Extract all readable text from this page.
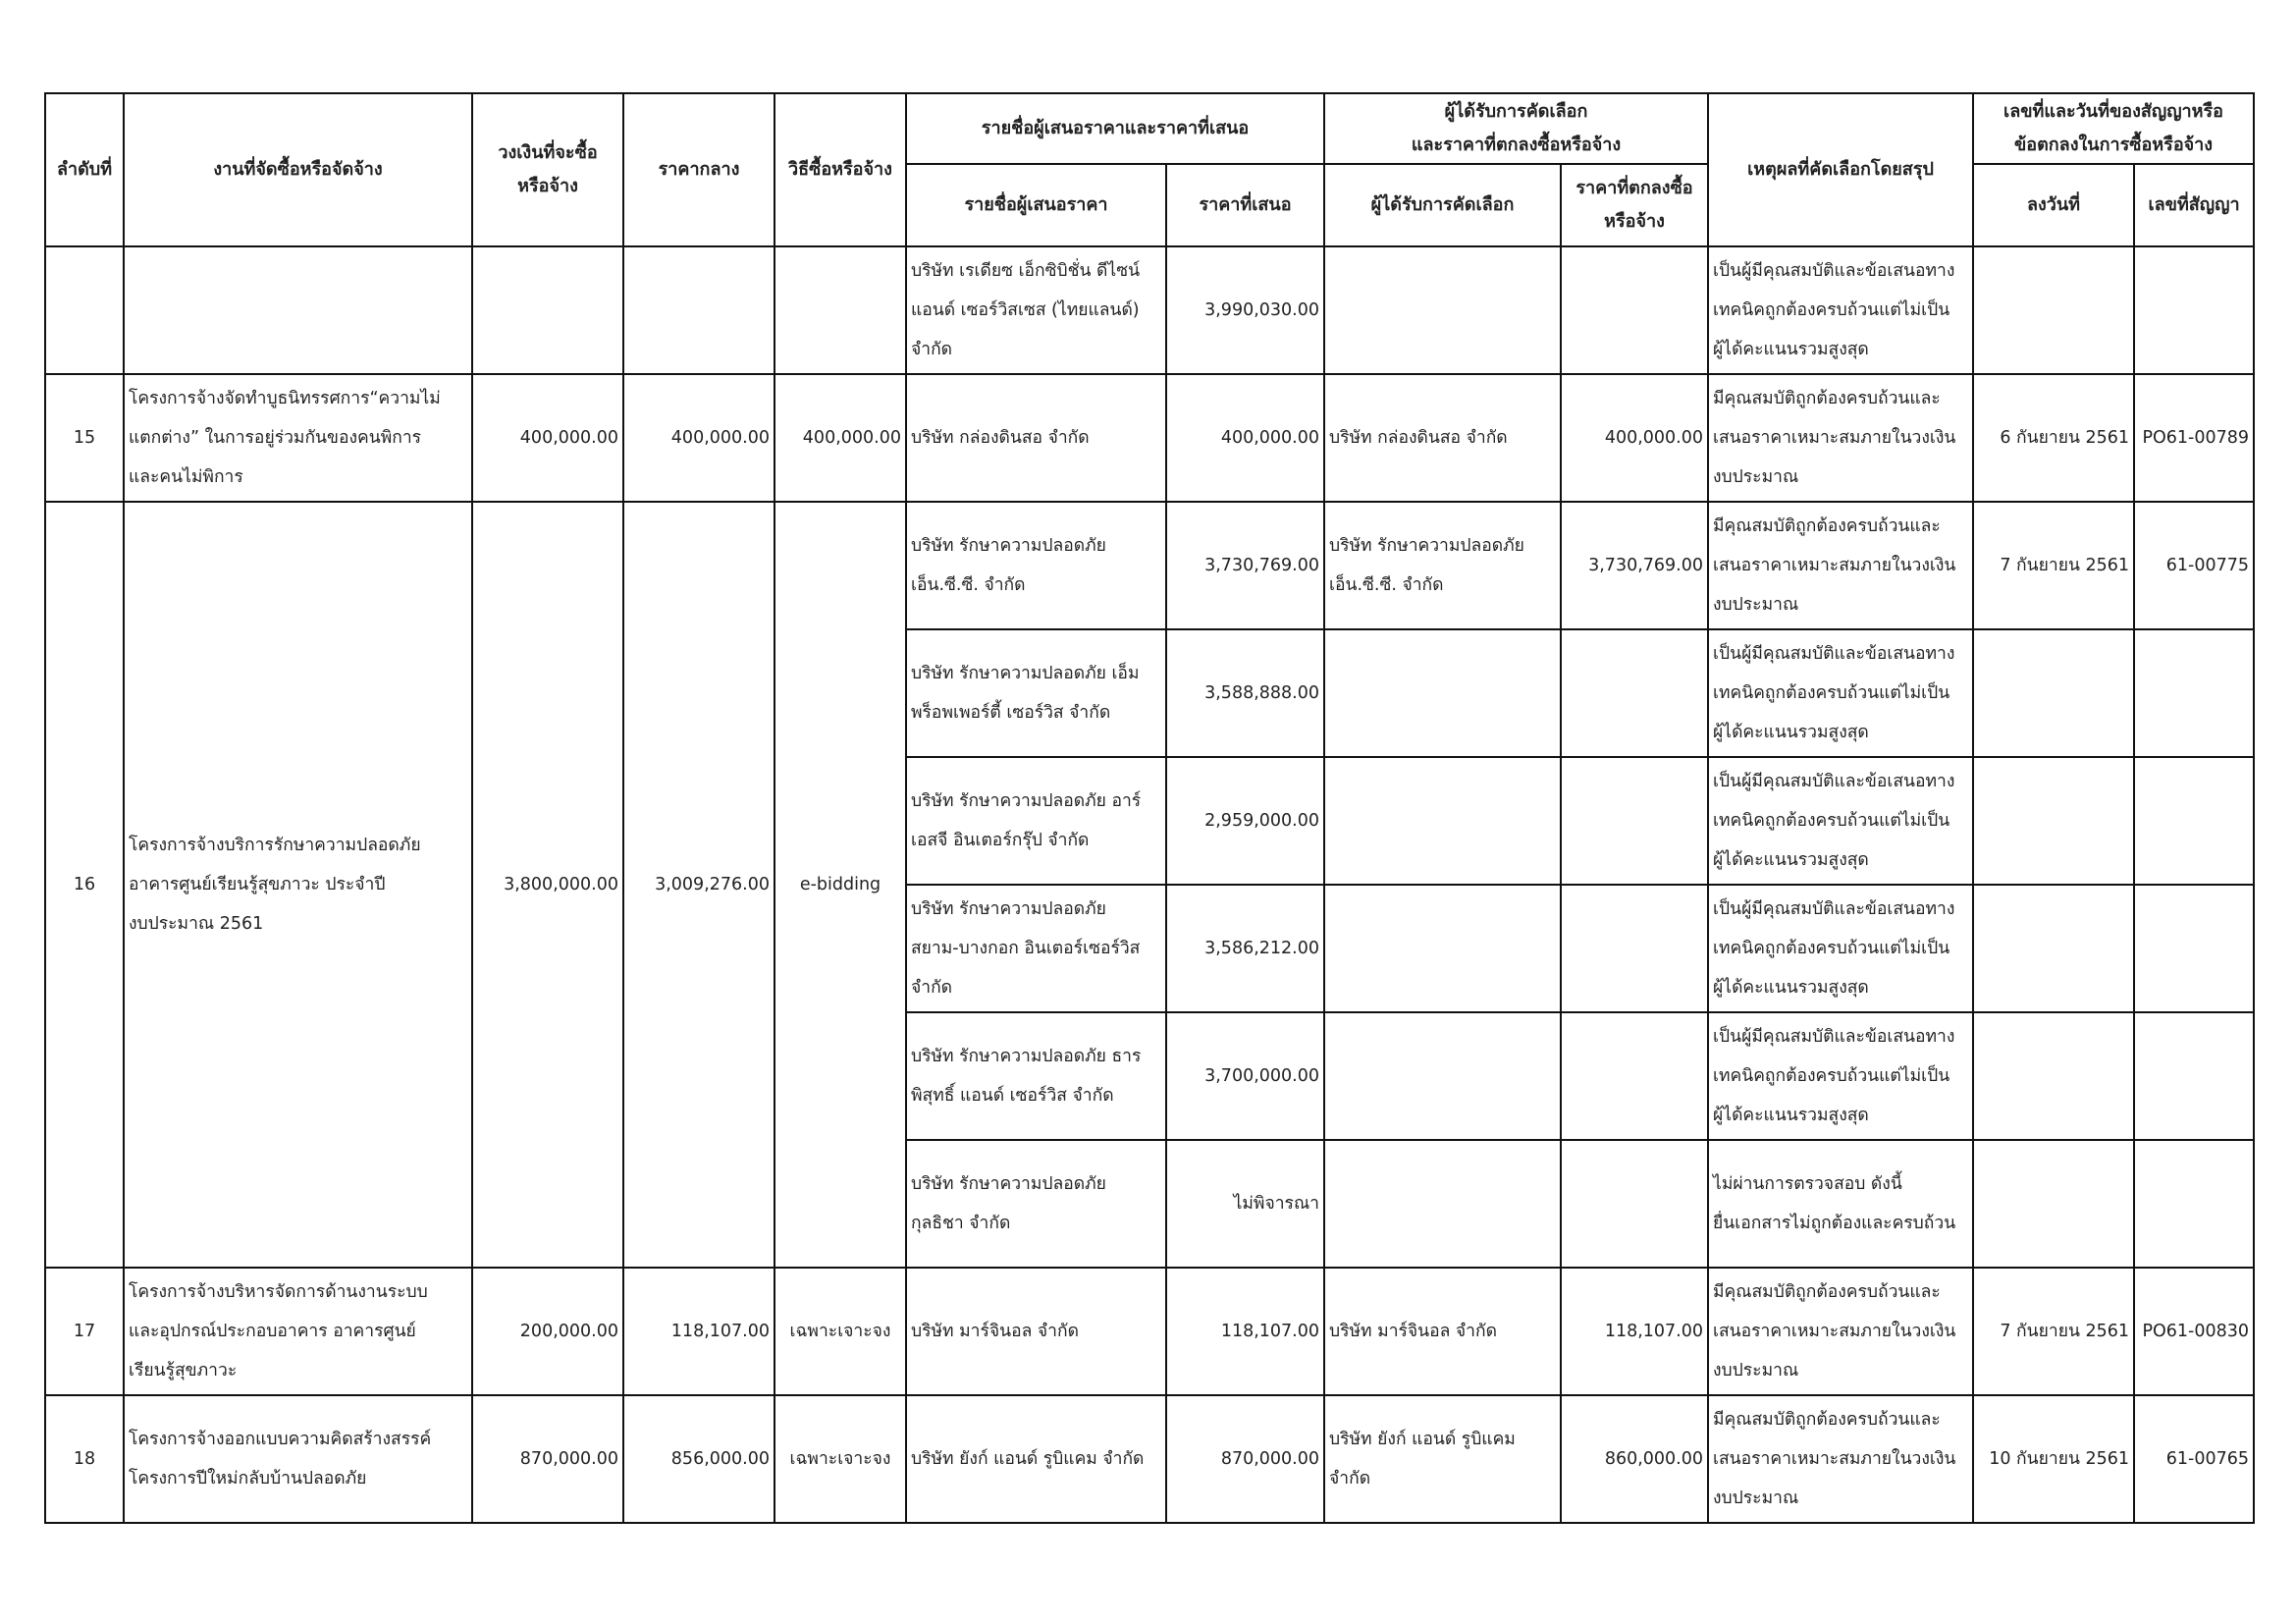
ลำดับที่	งานที่จัดซื้อหรือจัดจ้าง	วงเงินที่จะซื้อ
หรือจ้าง	ราคากลาง	วิธีซื้อหรือจ้าง	รายชื่อผู้เสนอราคาและราคาที่เสนอ		ผู้ได้รับการคัดเลือก
และราคาที่ตกลงซื้อหรือจ้าง		เหตุผลที่คัดเลือกโดยสรุป	เลขที่และวันที่ของสัญญาหรือ
ข้อตกลงในการซื้อหรือจ้าง	
					รายชื่อผู้เสนอราคา	ราคาที่เสนอ	ผู้ได้รับการคัดเลือก	ราคาที่ตกลงซื้อ
หรือจ้าง		ลงวันที่	เลขที่สัญญา
					บริษัท เรเดียซ เอ็กซิบิชั่น ดีไซน์
แอนด์ เซอร์วิสเซส (ไทยแลนด์)
จำกัด	3,990,030.00			เป็นผู้มีคุณสมบัติและข้อเสนอทาง
เทคนิคถูกต้องครบถ้วนแต่ไม่เป็น
ผู้ได้คะแนนรวมสูงสุด		
15	โครงการจ้างจัดทำบูธนิทรรศการ“ความไม่
แตกต่าง” ในการอยู่ร่วมกันของคนพิการ
และคนไม่พิการ	400,000.00	400,000.00	400,000.00	บริษัท กล่องดินสอ จำกัด	400,000.00	บริษัท กล่องดินสอ จำกัด	400,000.00	มีคุณสมบัติถูกต้องครบถ้วนและ
เสนอราคาเหมาะสมภายในวงเงิน
งบประมาณ	6 กันยายน 2561	PO61-00789
16	โครงการจ้างบริการรักษาความปลอดภัย
อาคารศูนย์เรียนรู้สุขภาวะ ประจำปี
งบประมาณ 2561	3,800,000.00	3,009,276.00	e-bidding	บริษัท รักษาความปลอดภัย
เอ็น.ซี.ซี. จำกัด	3,730,769.00	บริษัท รักษาความปลอดภัย
เอ็น.ซี.ซี. จำกัด	3,730,769.00	มีคุณสมบัติถูกต้องครบถ้วนและ
เสนอราคาเหมาะสมภายในวงเงิน
งบประมาณ	7 กันยายน 2561	61-00775
					บริษัท รักษาความปลอดภัย เอ็ม
พร็อพเพอร์ตี้ เซอร์วิส จำกัด	3,588,888.00			เป็นผู้มีคุณสมบัติและข้อเสนอทาง
เทคนิคถูกต้องครบถ้วนแต่ไม่เป็น
ผู้ได้คะแนนรวมสูงสุด		
					บริษัท รักษาความปลอดภัย อาร์
เอสจี อินเตอร์กรุ๊ป จำกัด	2,959,000.00			เป็นผู้มีคุณสมบัติและข้อเสนอทาง
เทคนิคถูกต้องครบถ้วนแต่ไม่เป็น
ผู้ได้คะแนนรวมสูงสุด		
					บริษัท รักษาความปลอดภัย
สยาม-บางกอก อินเตอร์เซอร์วิส
จำกัด	3,586,212.00			เป็นผู้มีคุณสมบัติและข้อเสนอทาง
เทคนิคถูกต้องครบถ้วนแต่ไม่เป็น
ผู้ได้คะแนนรวมสูงสุด		
					บริษัท รักษาความปลอดภัย ธาร
พิสุทธิ์ แอนด์ เซอร์วิส จำกัด	3,700,000.00			เป็นผู้มีคุณสมบัติและข้อเสนอทาง
เทคนิคถูกต้องครบถ้วนแต่ไม่เป็น
ผู้ได้คะแนนรวมสูงสุด		
					บริษัท รักษาความปลอดภัย
กุลธิชา จำกัด	ไม่พิจารณา			ไม่ผ่านการตรวจสอบ ดังนี้
ยื่นเอกสารไม่ถูกต้องและครบถ้วน		
17	โครงการจ้างบริหารจัดการด้านงานระบบ
และอุปกรณ์ประกอบอาคาร อาคารศูนย์
เรียนรู้สุขภาวะ	200,000.00	118,107.00	เฉพาะเจาะจง	บริษัท มาร์จินอล จำกัด	118,107.00	บริษัท มาร์จินอล จำกัด	118,107.00	มีคุณสมบัติถูกต้องครบถ้วนและ
เสนอราคาเหมาะสมภายในวงเงิน
งบประมาณ	7 กันยายน 2561	PO61-00830
18	โครงการจ้างออกแบบความคิดสร้างสรรค์
โครงการปีใหม่กลับบ้านปลอดภัย	870,000.00	856,000.00	เฉพาะเจาะจง	บริษัท ยังก์ แอนด์ รูบิแคม จำกัด	870,000.00	บริษัท ยังก์ แอนด์ รูบิแคม
จำกัด	860,000.00	มีคุณสมบัติถูกต้องครบถ้วนและ
เสนอราคาเหมาะสมภายในวงเงิน
งบประมาณ	10 กันยายน 2561	61-00765
